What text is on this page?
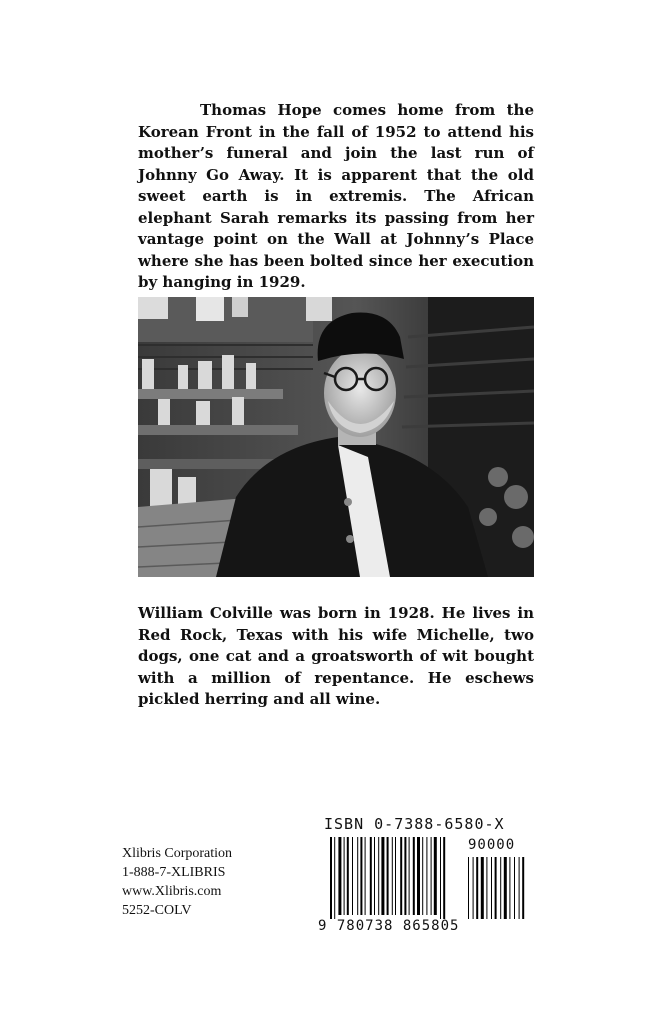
Thomas Hope comes home from the Korean Front in the fall of 1952 to attend his mother’s funeral and join the last run of Johnny Go Away. It is apparent that the old sweet earth is in extremis. The African elephant Sarah remarks its passing from her vantage point on the Wall at Johnny’s Place where she has been bolted since her execution by hanging in 1929.

William Colville was born in 1928. He lives in Red Rock, Texas with his wife Michelle, two dogs, one cat and a groatsworth of wit bought with a million of repentance. He eschews pickled herring and all wine.

Xlibris Corporation
1-888-7-XLIBRIS
www.Xlibris.com
5252-COLV
ISBN 0-7388-6580-X
90000
9 780738 865805
